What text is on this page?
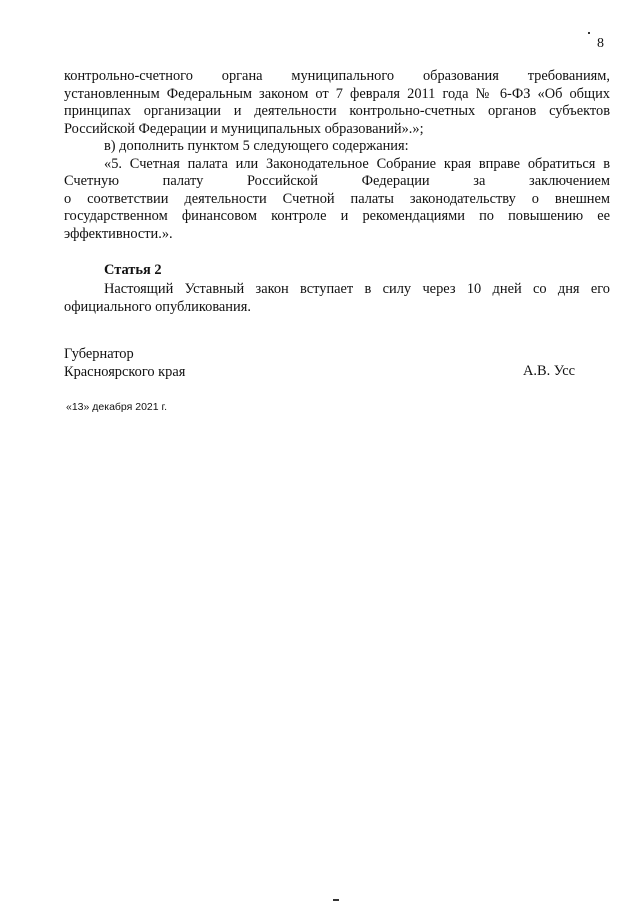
8
контрольно-счетного органа муниципального образования требованиям,
установленным Федеральным законом от 7 февраля 2011 года № 6-ФЗ «Об общих
принципах организации и деятельности контрольно-счетных органов субъектов
Российской Федерации и муниципальных образований».»;
в) дополнить пунктом 5 следующего содержания:
«5. Счетная палата или Законодательное Собрание края вправе обратиться в
Счетную палату Российской Федерации за заключением
о соответствии деятельности Счетной палаты законодательству о внешнем
государственном финансовом контроле и рекомендациями по повышению ее
эффективности.».
Статья 2
Настоящий Уставный закон вступает в силу через 10 дней со дня его
официального опубликования.
Губернатор
Красноярского края	А.В. Усс
«13» декабря 2021 г.
